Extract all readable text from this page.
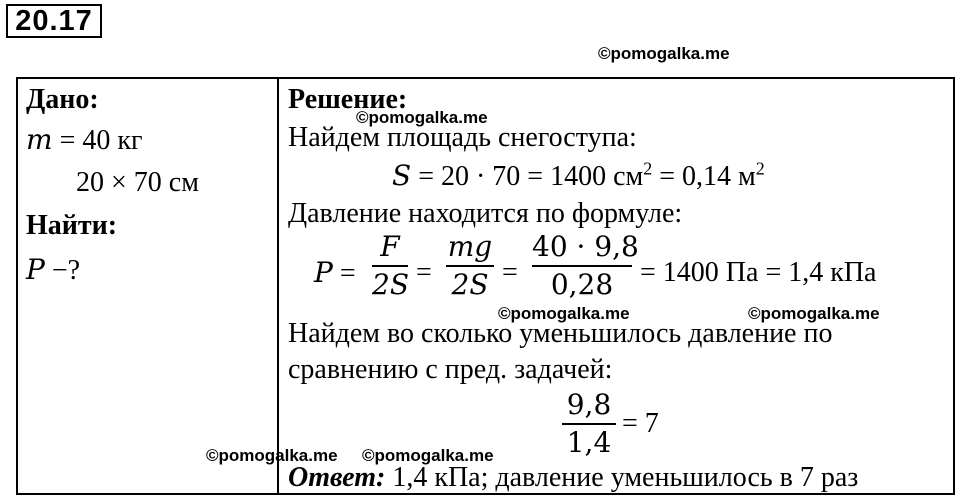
20.17
©pomogalka.me
Дано:
m = 40 кг
20 × 70 см
Найти:
P −?
Решение:
©pomogalka.me
Найдем площадь снегоступа:
S = 20 · 70 = 1400 $см^2 = 0,14$ $м^2$
Давление находится по формуле:
P =
F
2S =
mg
2S =
40 · 9,8
0,28 = 1400 Па = 1,4 кПа
©pomogalka.me	©pomogalka.me
Найдем во сколько уменьшилось давление по
сравнению с пред. задачей:
9,8
1,4
= 7
©pomogalka.me ©pomogalka.me
Ответ: 1,4 кПа; давление уменьшилось в 7 раз
